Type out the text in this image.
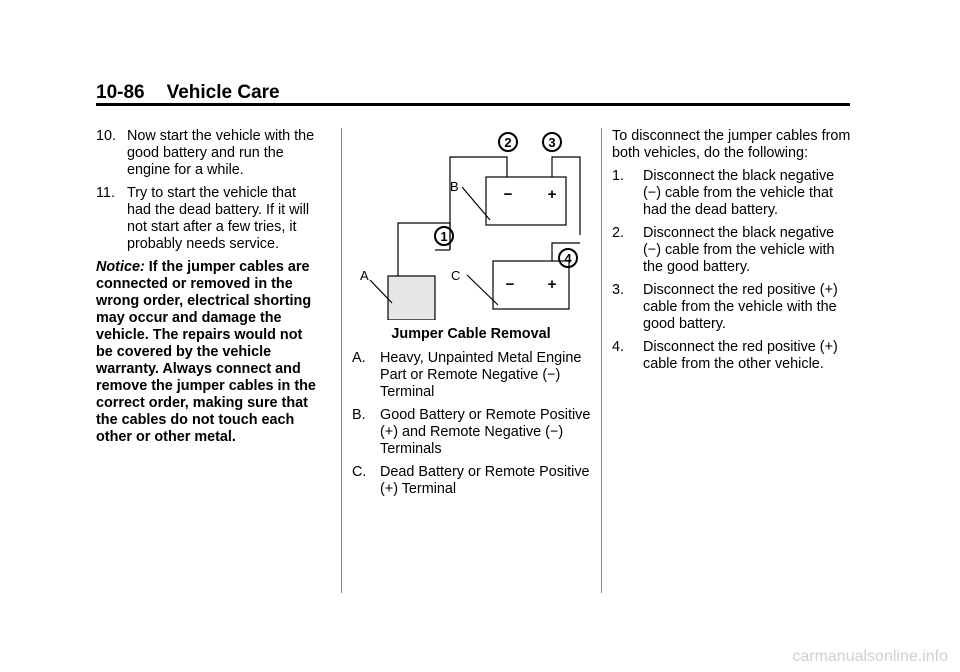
10-86 Vehicle Care
10. Now start the vehicle with the good battery and run the engine for a while.
11. Try to start the vehicle that had the dead battery. If it will not start after a few tries, it probably needs service.
Notice: If the jumper cables are connected or removed in the wrong order, electrical shorting may occur and damage the vehicle. The repairs would not be covered by the vehicle warranty. Always connect and remove the jumper cables in the correct order, making sure that the cables do not touch each other or other metal.
2	3
1
4
− +
− +
B
C
A
Jumper Cable Removal
A. Heavy, Unpainted Metal Engine Part or Remote Negative (−) Terminal
B. Good Battery or Remote Positive (+) and Remote Negative (−) Terminals
C. Dead Battery or Remote Positive (+) Terminal
To disconnect the jumper cables from both vehicles, do the following:
1. Disconnect the black negative (−) cable from the vehicle that had the dead battery.
2. Disconnect the black negative (−) cable from the vehicle with the good battery.
3. Disconnect the red positive (+) cable from the vehicle with the good battery.
4. Disconnect the red positive (+) cable from the other vehicle.
carmanualsonline.info
